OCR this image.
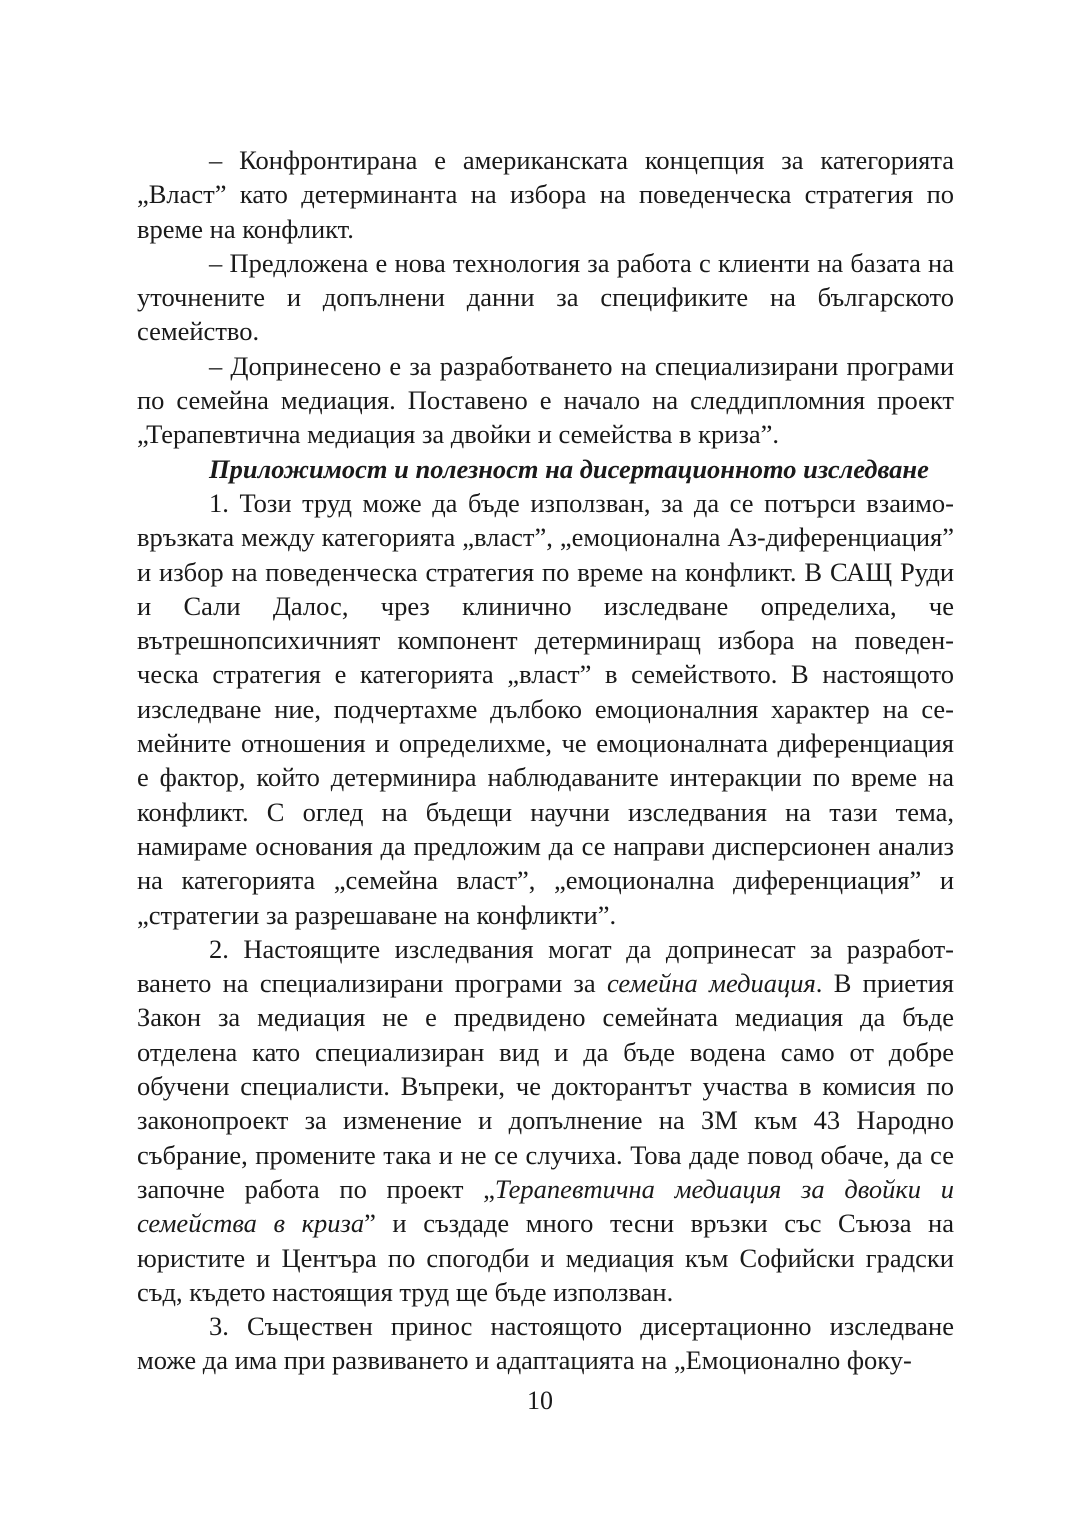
– Конфронтирана е американската концепция за категорията „Власт” като детерминанта на избора на поведенческа стратегия по време на конфликт.

– Предложена е нова технология за работа с клиенти на базата на уточнените и допълнени данни за спецификите на българското семейство.

– Допринесено е за разработването на специализирани програми по семейна медиация. Поставено е начало на следдипломния проект „Терапевтична медиация за двойки и семейства в криза”.

Приложимост и полезност на дисертационното изследване

1. Този труд може да бъде използван, за да се потърси взаимовръзката между категорията „власт”, „емоционална Аз-диференциация” и избор на поведенческа стратегия по време на конфликт. В САЩ Руди и Сали Далос, чрез клинично изследване определиха, че вътрешнопсихичният компонент детерминиращ избора на поведенческа стратегия е категорията „власт” в семейството. В настоящото изследване ние, подчертахме дълбоко емоционалния характер на семейните отношения и определихме, че емоционалната диференциация е фактор, който детерминира наблюдаваните интеракции по време на конфликт. С оглед на бъдещи научни изследвания на тази тема, намираме основания да предложим да се направи дисперсионен анализ на категорията „семейна власт”, „емоционална диференциация” и „стратегии за разрешаване на конфликти”.

2. Настоящите изследвания могат да допринесат за разработването на специализирани програми за семейна медиация. В приетия Закон за медиация не е предвидено семейната медиация да бъде отделена като специализиран вид и да бъде водена само от добре обучени специалисти. Въпреки, че докторантът участва в комисия по законопроект за изменение и допълнение на ЗМ към 43 Народно събрание, промените така и не се случиха. Това даде повод обаче, да се започне работа по проект „Терапевтична медиация за двойки и семейства в криза” и създаде много тесни връзки със Съюза на юристите и Центъра по спогодби и медиация към Софийски градски съд, където настоящия труд ще бъде използван.

3. Съществен принос настоящото дисертационно изследване може да има при развиването и адаптацията на „Емоционално фоку-

10
